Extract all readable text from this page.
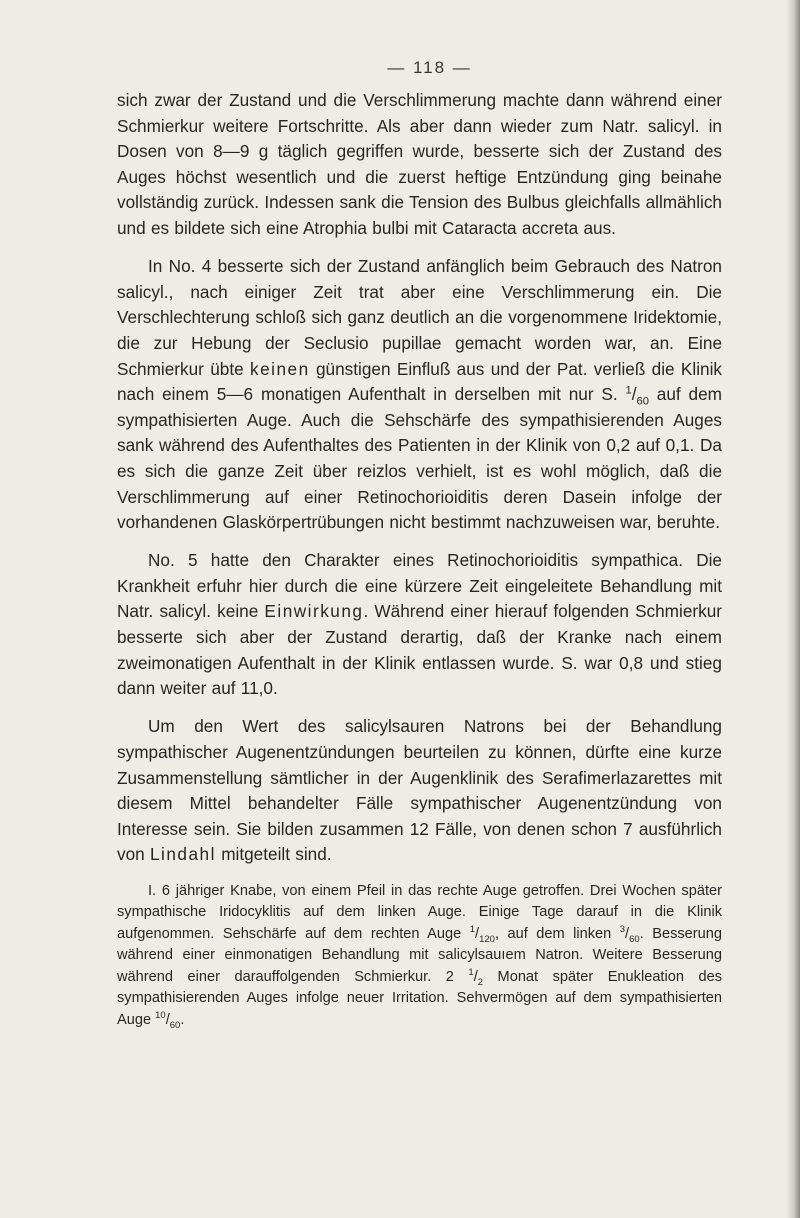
— 118 —

sich zwar der Zustand und die Verschlimmerung machte dann während einer Schmierkur weitere Fortschritte. Als aber dann wieder zum Natr. salicyl. in Dosen von 8—9 g täglich gegriffen wurde, besserte sich der Zustand des Auges höchst wesentlich und die zuerst heftige Entzündung ging beinahe vollständig zurück. Indessen sank die Tension des Bulbus gleichfalls allmählich und es bildete sich eine Atrophia bulbi mit Cataracta accreta aus.

In No. 4 besserte sich der Zustand anfänglich beim Gebrauch des Natron salicyl., nach einiger Zeit trat aber eine Verschlimmerung ein. Die Verschlechterung schloß sich ganz deutlich an die vorgenommene Iridektomie, die zur Hebung der Seclusio pupillae gemacht worden war, an. Eine Schmierkur übte keinen günstigen Einfluß aus und der Pat. verließ die Klinik nach einem 5—6 monatigen Aufenthalt in derselben mit nur S. $^1/_{60}$ auf dem sympathisierten Auge. Auch die Sehschärfe des sympathisierenden Auges sank während des Aufenthaltes des Patienten in der Klinik von 0,2 auf 0,1. Da es sich die ganze Zeit über reizlos verhielt, ist es wohl möglich, daß die Verschlimmerung auf einer Retinochorioiditis deren Dasein infolge der vorhandenen Glaskörpertrübungen nicht bestimmt nachzuweisen war, beruhte.

No. 5 hatte den Charakter eines Retinochorioiditis sympathica. Die Krankheit erfuhr hier durch die eine kürzere Zeit eingeleitete Behandlung mit Natr. salicyl. keine Einwirkung. Während einer hierauf folgenden Schmierkur besserte sich aber der Zustand derartig, daß der Kranke nach einem zweimonatigen Aufenthalt in der Klinik entlassen wurde. S. war 0,8 und stieg dann weiter auf 11,0.

Um den Wert des salicylsauren Natrons bei der Behandlung sympathischer Augenentzündungen beurteilen zu können, dürfte eine kurze Zusammenstellung sämtlicher in der Augenklinik des Serafimerlazarettes mit diesem Mittel behandelter Fälle sympathischer Augenentzündung von Interesse sein. Sie bilden zusammen 12 Fälle, von denen schon 7 ausführlich von Lindahl mitgeteilt sind.

I. 6 jähriger Knabe, von einem Pfeil in das rechte Auge getroffen. Drei Wochen später sympathische Iridocyklitis auf dem linken Auge. Einige Tage darauf in die Klinik aufgenommen. Sehschärfe auf dem rechten Auge $^1/_{120}$, auf dem linken $^3/_{60}$. Besserung während einer einmonatigen Behandlung mit salicylsauıem Natron. Weitere Besserung während einer darauffolgenden Schmierkur. 2 $^1/_2$ Monat später Enukleation des sympathisierenden Auges infolge neuer Irritation. Sehvermögen auf dem sympathisierten Auge $^{10}/_{60}$.
